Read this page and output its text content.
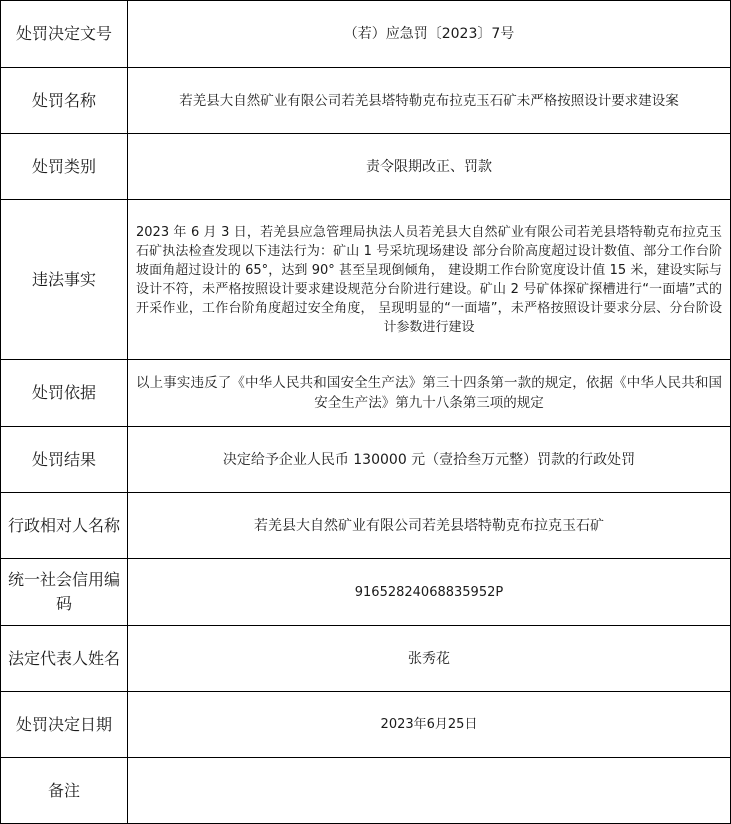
处罚决定文号	（若）应急罚〔2023〕7号
处罚名称	若羌县大自然矿业有限公司若羌县塔特勒克布拉克玉石矿未严格按照设计要求建设案
处罚类别	责令限期改正、罚款
违法事实	2023 年 6 月 3 日，若羌县应急管理局执法人员若羌县大自然矿业有限公司若羌县塔特勒克布拉克玉石矿执法检查发现以下违法行为：矿山 1 号采坑现场建设 部分台阶高度超过设计数值、部分工作台阶坡面角超过设计的 65°，达到 90° 甚至呈现倒倾角， 建设期工作台阶宽度设计值 15 米，建设实际与设计不符，未严格按照设计要求建设规范分台阶进行建设。矿山 2 号矿体探矿探槽进行“一面墙”式的开采作业，工作台阶角度超过安全角度， 呈现明显的“一面墙”，未严格按照设计要求分层、分台阶设计参数进行建设
处罚依据	以上事实违反了《中华人民共和国安全生产法》第三十四条第一款的规定，依据《中华人民共和国安全生产法》第九十八条第三项的规定
处罚结果	决定给予企业人民币 130000 元（壹拾叁万元整）罚款的行政处罚
行政相对人名称	若羌县大自然矿业有限公司若羌县塔特勒克布拉克玉石矿
统一社会信用编码	91652824068835952P
法定代表人姓名	张秀花
处罚决定日期	2023年6月25日
备注	
